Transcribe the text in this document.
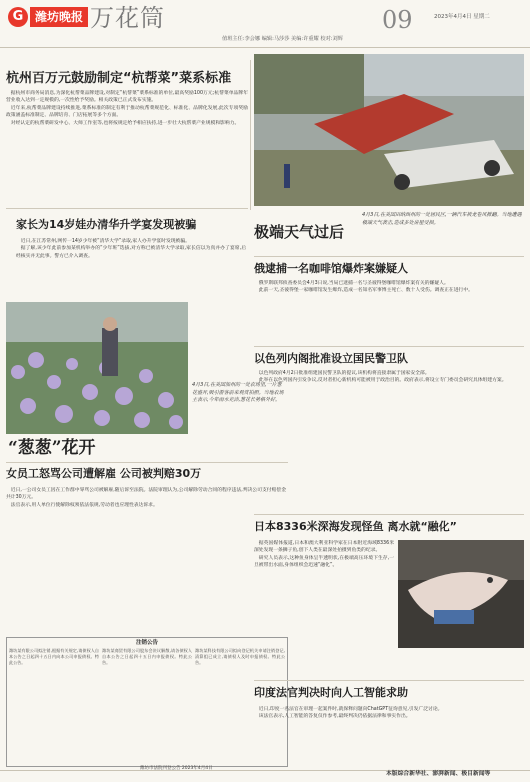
G 潍坊晚报 万花筒	09	2023年4月4日 星期二
值班主任:李会娜 编辑:马莎莎 美编:许重耀 校对:刘辉
杭州百万元鼓励制定“杭帮菜”菜系标准

据杭州市商务局消息,为深化杭帮菜品牌建设,对制定“杭帮菜”菜系标准的单位,最高奖励100万元;杭帮菜单品牌年营业收入达到一定规模的,一次性给予奖励。相关政策已正式发布实施。

近年来,杭帮菜品牌建设持续推进,菜系标准的制定有利于推动杭帮菜规范化、标准化、品牌化发展,此次专项奖励政策涵盖标准制定、品牌培育、门店拓展等多个方面。

对经认定的杭帮菜研发中心、大师工作室等,也将按规定给予相应扶持,进一步壮大杭帮菜产业规模和影响力。

家长为14岁娃办清华升学宴发现被骗

近日,在江苏常州,网传一14岁少年被“清华大学”录取,家人办升学宴时发现被骗。

据了解,该少年此前参加某机构举办的“少年班”选拔,对方称已被清华大学录取,家长信以为真并办了宴席,后经核实并无此事。警方已介入调查。

4月3日,在美国加州的一处农场里,一片葱花盛开,吸引游客前来观赏拍照。当地农场主表示,今年雨水充沛,葱花长势格外好。
“葱葱”花开
女员工怒骂公司遭解雇 公司被判赔30万

近日,一公司女员工因在工作群中辱骂公司被解雇,随后诉至法院。法院审理认为,公司解除劳动合同的程序违法,判决公司支付赔偿金共计30万元。

法官表示,用人单位行使解除权须依法依规,劳动者也应理性表达诉求。

注销公告
潍坊某有限公司拟注销,根据有关规定,请债权人自本公告之日起四十五日内向本公司申报债权。特此公告。
潍坊某商贸有限公司股东会决议解散,请各债权人自本公告之日起四十五日内申报债权。特此公告。
潍坊某科技有限公司拟向登记机关申请注销登记,清算组已成立,请债权人及时申报债权。特此公告。
潍坊市法院刊登公告 2023年4月4日
4月3日,在美国田纳西州的一处居民区,一辆汽车被龙卷风掀翻。当地遭遇极端天气袭击,造成多处房屋受损。
极端天气过后
俄逮捕一名咖啡馆爆炸案嫌疑人

俄罗斯联邦侦查委员会4月3日说,当局已逮捕一名与圣彼得堡咖啡馆爆炸案有关的嫌疑人。

此前一天,圣彼得堡一家咖啡馆发生爆炸,造成一名知名军事博主死亡、数十人受伤。调查正在进行中。

以色列内阁批准设立国民警卫队

以色列政府4月2日批准组建国民警卫队的提议,该机构将直接隶属于国家安全部。

此举在以色列国内引发争议,反对者担心新机构可能被用于政治目的。政府表示,将设立专门委员会研究具体组建方案。

日本8336米深海发现怪鱼 离水就“融化”

据英国媒体报道,日本和澳大利亚科学家在日本附近海域8336米深处发现一条狮子鱼,创下人类在最深处拍摄到鱼类的纪录。

研究人员表示,这种鱼身体呈半透明状,在极端高压环境下生存,一旦被带出水面,身体组织会迅速“融化”。

印度法官判决时向人工智能求助

近日,印度一名法官在审理一起案件时,就保释问题向ChatGPT征询意见,引发广泛讨论。

该法官表示,人工智能的答复仅作参考,最终判决仍依据法律和事实作出。

本版综合新华社、澎湃新闻、极目新闻等
